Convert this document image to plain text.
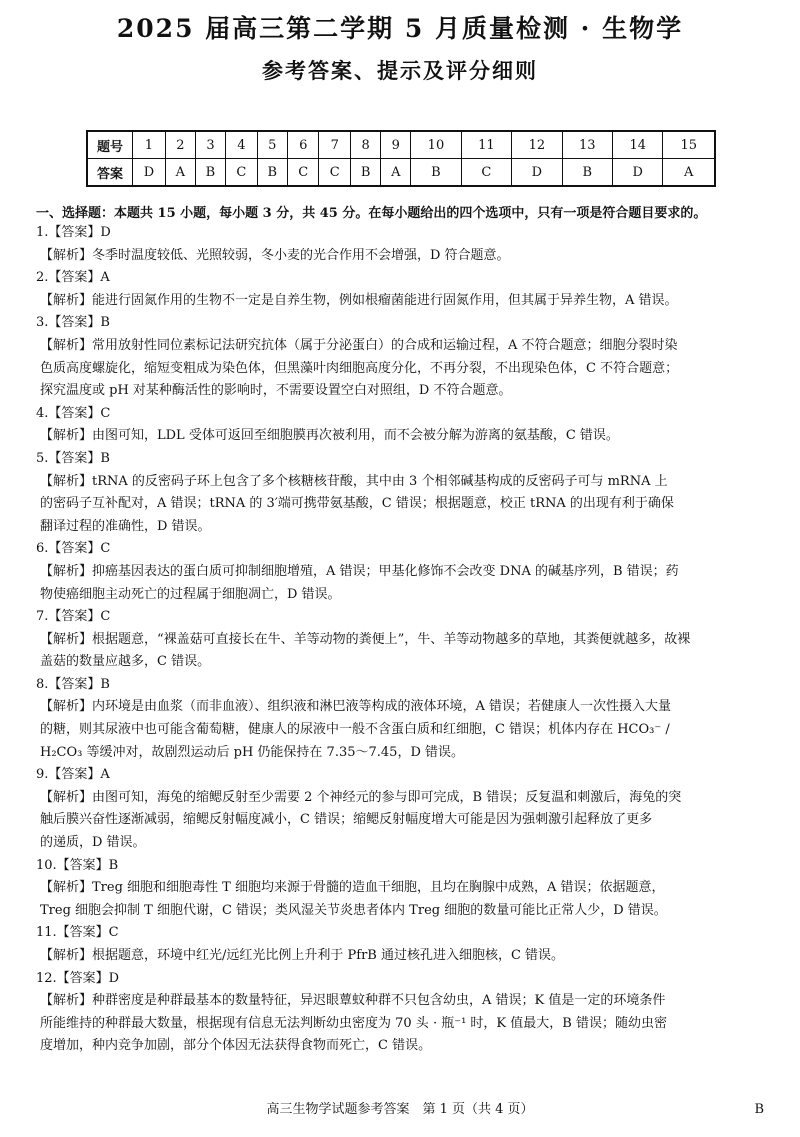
2025 届高三第二学期 5 月质量检测 · 生物学
参考答案、提示及评分细则
题号	1	2	3	4	5	6	7	8	9	10	11	12	13	14	15
答案	D	A	B	C	B	C	C	B	A	B	C	D	B	D	A
一、选择题：本题共 15 小题，每小题 3 分，共 45 分。在每小题给出的四个选项中，只有一项是符合题目要求的。
1.【答案】D
【解析】冬季时温度较低、光照较弱，冬小麦的光合作用不会增强，D 符合题意。
2.【答案】A
【解析】能进行固氮作用的生物不一定是自养生物，例如根瘤菌能进行固氮作用，但其属于异养生物，A 错误。
3.【答案】B
【解析】常用放射性同位素标记法研究抗体（属于分泌蛋白）的合成和运输过程，A 不符合题意；细胞分裂时染
色质高度螺旋化，缩短变粗成为染色体，但黑藻叶肉细胞高度分化，不再分裂，不出现染色体，C 不符合题意；
探究温度或 pH 对某种酶活性的影响时，不需要设置空白对照组，D 不符合题意。
4.【答案】C
【解析】由图可知，LDL 受体可返回至细胞膜再次被利用，而不会被分解为游离的氨基酸，C 错误。
5.【答案】B
【解析】tRNA 的反密码子环上包含了多个核糖核苷酸，其中由 3 个相邻碱基构成的反密码子可与 mRNA 上
的密码子互补配对，A 错误；tRNA 的 3′端可携带氨基酸，C 错误；根据题意，校正 tRNA 的出现有利于确保
翻译过程的准确性，D 错误。
6.【答案】C
【解析】抑癌基因表达的蛋白质可抑制细胞增殖，A 错误；甲基化修饰不会改变 DNA 的碱基序列，B 错误；药
物使癌细胞主动死亡的过程属于细胞凋亡，D 错误。
7.【答案】C
【解析】根据题意，“裸盖菇可直接长在牛、羊等动物的粪便上”，牛、羊等动物越多的草地，其粪便就越多，故裸
盖菇的数量应越多，C 错误。
8.【答案】B
【解析】内环境是由血浆（而非血液）、组织液和淋巴液等构成的液体环境，A 错误；若健康人一次性摄入大量
的糖，则其尿液中也可能含葡萄糖，健康人的尿液中一般不含蛋白质和红细胞，C 错误；机体内存在 HCO₃⁻ /
H₂CO₃ 等缓冲对，故剧烈运动后 pH 仍能保持在 7.35～7.45，D 错误。
9.【答案】A
【解析】由图可知，海兔的缩鳃反射至少需要 2 个神经元的参与即可完成，B 错误；反复温和刺激后，海兔的突
触后膜兴奋性逐渐减弱，缩鳃反射幅度减小，C 错误；缩鳃反射幅度增大可能是因为强刺激引起释放了更多
的递质，D 错误。
10.【答案】B
【解析】Treg 细胞和细胞毒性 T 细胞均来源于骨髓的造血干细胞，且均在胸腺中成熟，A 错误；依据题意，
Treg 细胞会抑制 T 细胞代谢，C 错误；类风湿关节炎患者体内 Treg 细胞的数量可能比正常人少，D 错误。
11.【答案】C
【解析】根据题意，环境中红光/远红光比例上升利于 PfrB 通过核孔进入细胞核，C 错误。
12.【答案】D
【解析】种群密度是种群最基本的数量特征，异迟眼蕈蚊种群不只包含幼虫，A 错误；K 值是一定的环境条件
所能维持的种群最大数量，根据现有信息无法判断幼虫密度为 70 头 · 瓶⁻¹ 时，K 值最大，B 错误；随幼虫密
度增加，种内竞争加剧，部分个体因无法获得食物而死亡，C 错误。
高三生物学试题参考答案　第 1 页（共 4 页）	B
